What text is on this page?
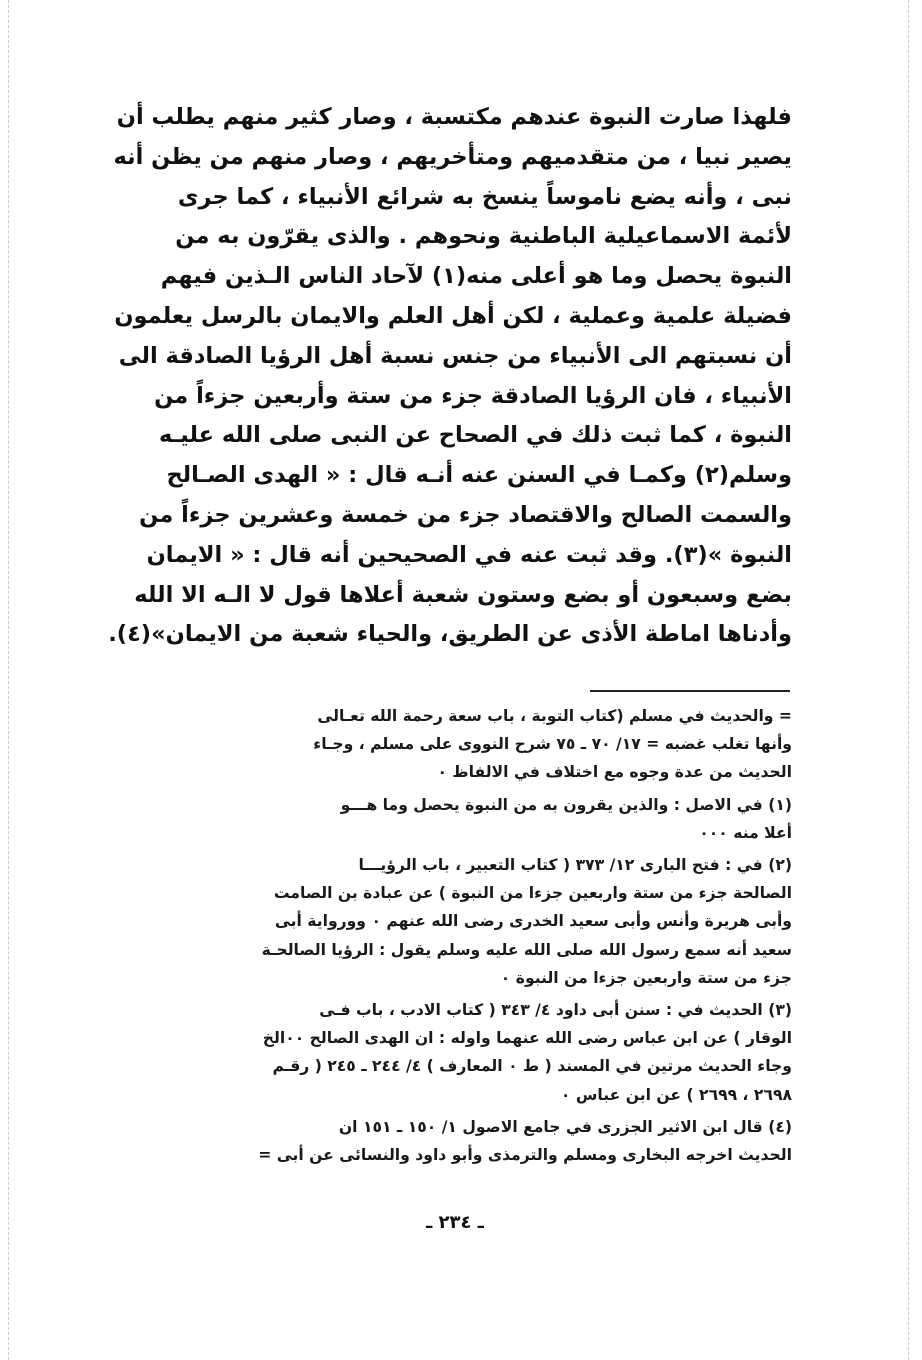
فلهذا صارت النبوة عندهم مكتسبة ، وصار كثير منهم يطلب أن
يصير نبيا ، من متقدميهم ومتأخريهم ، وصار منهم من يظن أنه
نبى ، وأنه يضع ناموساً ينسخ به شرائع الأنبياء ، كما جرى
لأئمة الاسماعيلية الباطنية ونحوهم . والذى يقرّون به من
النبوة يحصل وما هو أعلى منه(١) لآحاد الناس الـذين فيهم
فضيلة علمية وعملية ، لكن أهل العلم والايمان بالرسل يعلمون
أن نسبتهم الى الأنبياء من جنس نسبة أهل الرؤيا الصادقة الى
الأنبياء ، فان الرؤيا الصادقة جزء من ستة وأربعين جزءاً من
النبوة ، كما ثبت ذلك في الصحاح عن النبى صلى الله عليـه
وسلم(٢) وكمـا في السنن عنه أنـه قال : « الهدى الصـالح
والسمت الصالح والاقتصاد جزء من خمسة وعشرين جزءاً من
النبوة »(٣). وقد ثبت عنه في الصحيحين أنه قال : « الايمان
بضع وسبعون أو بضع وستون شعبة أعلاها قول لا الـه الا الله
وأدناها اماطة الأذى عن الطريق، والحياء شعبة من الايمان»(٤).
= والحديث في مسلم (كتاب التوبة ، باب سعة رحمة الله تعـالى
وأنها تغلب غضبه = ١٧/ ٧٠ ـ ٧٥ شرح النووى على مسلم ، وجـاء
الحديث من عدة وجوه مع اختلاف في الالفاظ ٠
(١) في الاصل : والذين يقرون به من النبوة يحصل وما هـــو
أعلا منه ٠٠٠
(٢) في : فتح البارى ١٢/ ٣٧٣ ( كتاب التعبير ، باب الرؤيـــا
الصالحة جزء من ستة واربعين جزءا من النبوة ) عن عبادة بن الصامت
وأبى هريرة وأنس وأبى سعيد الخدرى رضى الله عنهم ٠ وورواية أبى
سعيد أنه سمع رسول الله صلى الله عليه وسلم يقول : الرؤيا الصالحـة
جزء من ستة واربعين جزءا من النبوة ٠
(٣) الحديث في : سنن أبى داود ٤/ ٣٤٣ ( كتاب الادب ، باب فـى
الوقار ) عن ابن عباس رضى الله عنهما واوله : ان الهدى الصالح ٠٠الخ
وجاء الحديث مرتين في المسند ( ط ٠ المعارف ) ٤/ ٢٤٤ ـ ٢٤٥ ( رقـم
٢٦٩٨ ، ٢٦٩٩ ) عن ابن عباس ٠
(٤) قال ابن الاثير الجزرى في جامع الاصول ١/ ١٥٠ ـ ١٥١ ان
الحديث اخرجه البخارى ومسلم والترمذى وأبو داود والنسائى عن أبى =
ـ ٢٣٤ ـ
